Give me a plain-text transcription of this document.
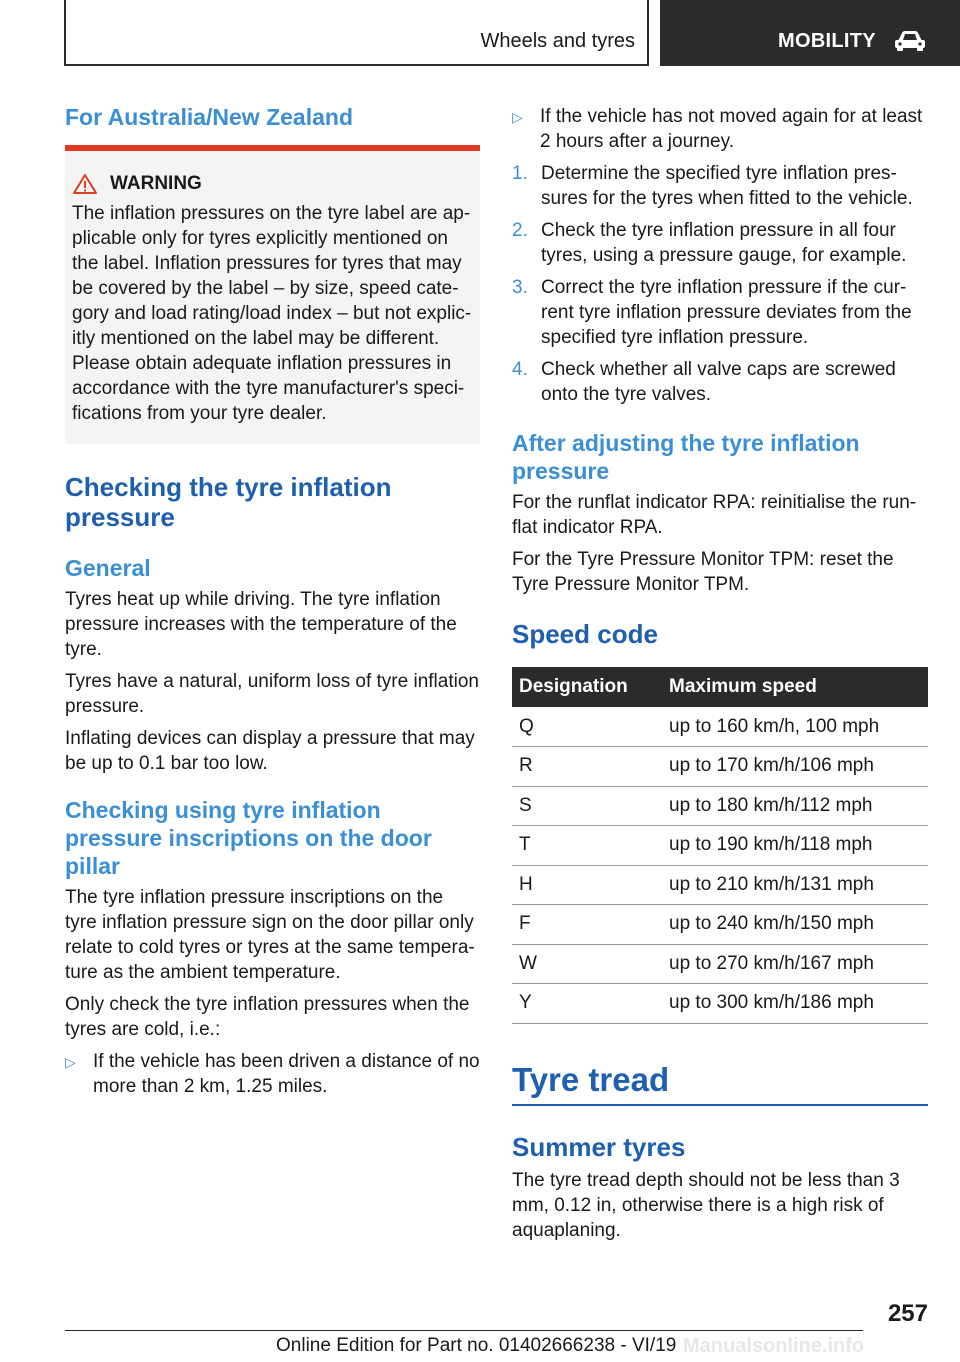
Wheels and tyres	MOBILITY
For Australia/New Zealand
WARNING

The inflation pressures on the tyre label are ap-plicable only for tyres explicitly mentioned on the label. Inflation pressures for tyres that may be covered by the label – by size, speed cate-gory and load rating/load index – but not explic-itly mentioned on the label may be different. Please obtain adequate inflation pressures in accordance with the tyre manufacturer's speci-fications from your tyre dealer.

Checking the tyre inflation pressure
General

Tyres heat up while driving. The tyre inflation pressure increases with the temperature of the tyre.

Tyres have a natural, uniform loss of tyre inflation pressure.

Inflating devices can display a pressure that may be up to 0.1 bar too low.

Checking using tyre inflation pressure inscriptions on the door pillar

The tyre inflation pressure inscriptions on the tyre inflation pressure sign on the door pillar only relate to cold tyres or tyres at the same tempera-ture as the ambient temperature.

Only check the tyre inflation pressures when the tyres are cold, i.e.:

▷ If the vehicle has been driven a distance of no more than 2 km, 1.25 miles.
▷ If the vehicle has not moved again for at least 2 hours after a journey.
1. Determine the specified tyre inflation pres-sures for the tyres when fitted to the vehicle.
2. Check the tyre inflation pressure in all four tyres, using a pressure gauge, for example.
3. Correct the tyre inflation pressure if the cur-rent tyre inflation pressure deviates from the specified tyre inflation pressure.
4. Check whether all valve caps are screwed onto the tyre valves.
After adjusting the tyre inflation pressure

For the runflat indicator RPA: reinitialise the run-flat indicator RPA.

For the Tyre Pressure Monitor TPM: reset the Tyre Pressure Monitor TPM.

Speed code
Designation	Maximum speed
Q	up to 160 km/h, 100 mph
R	up to 170 km/h/106 mph
S	up to 180 km/h/112 mph
T	up to 190 km/h/118 mph
H	up to 210 km/h/131 mph
F	up to 240 km/h/150 mph
W	up to 270 km/h/167 mph
Y	up to 300 km/h/186 mph
Tyre tread
Summer tyres

The tyre tread depth should not be less than 3 mm, 0.12 in, otherwise there is a high risk of aquaplaning.

257
Online Edition for Part no. 01402666238 - VI/19 Manualsonline.info
